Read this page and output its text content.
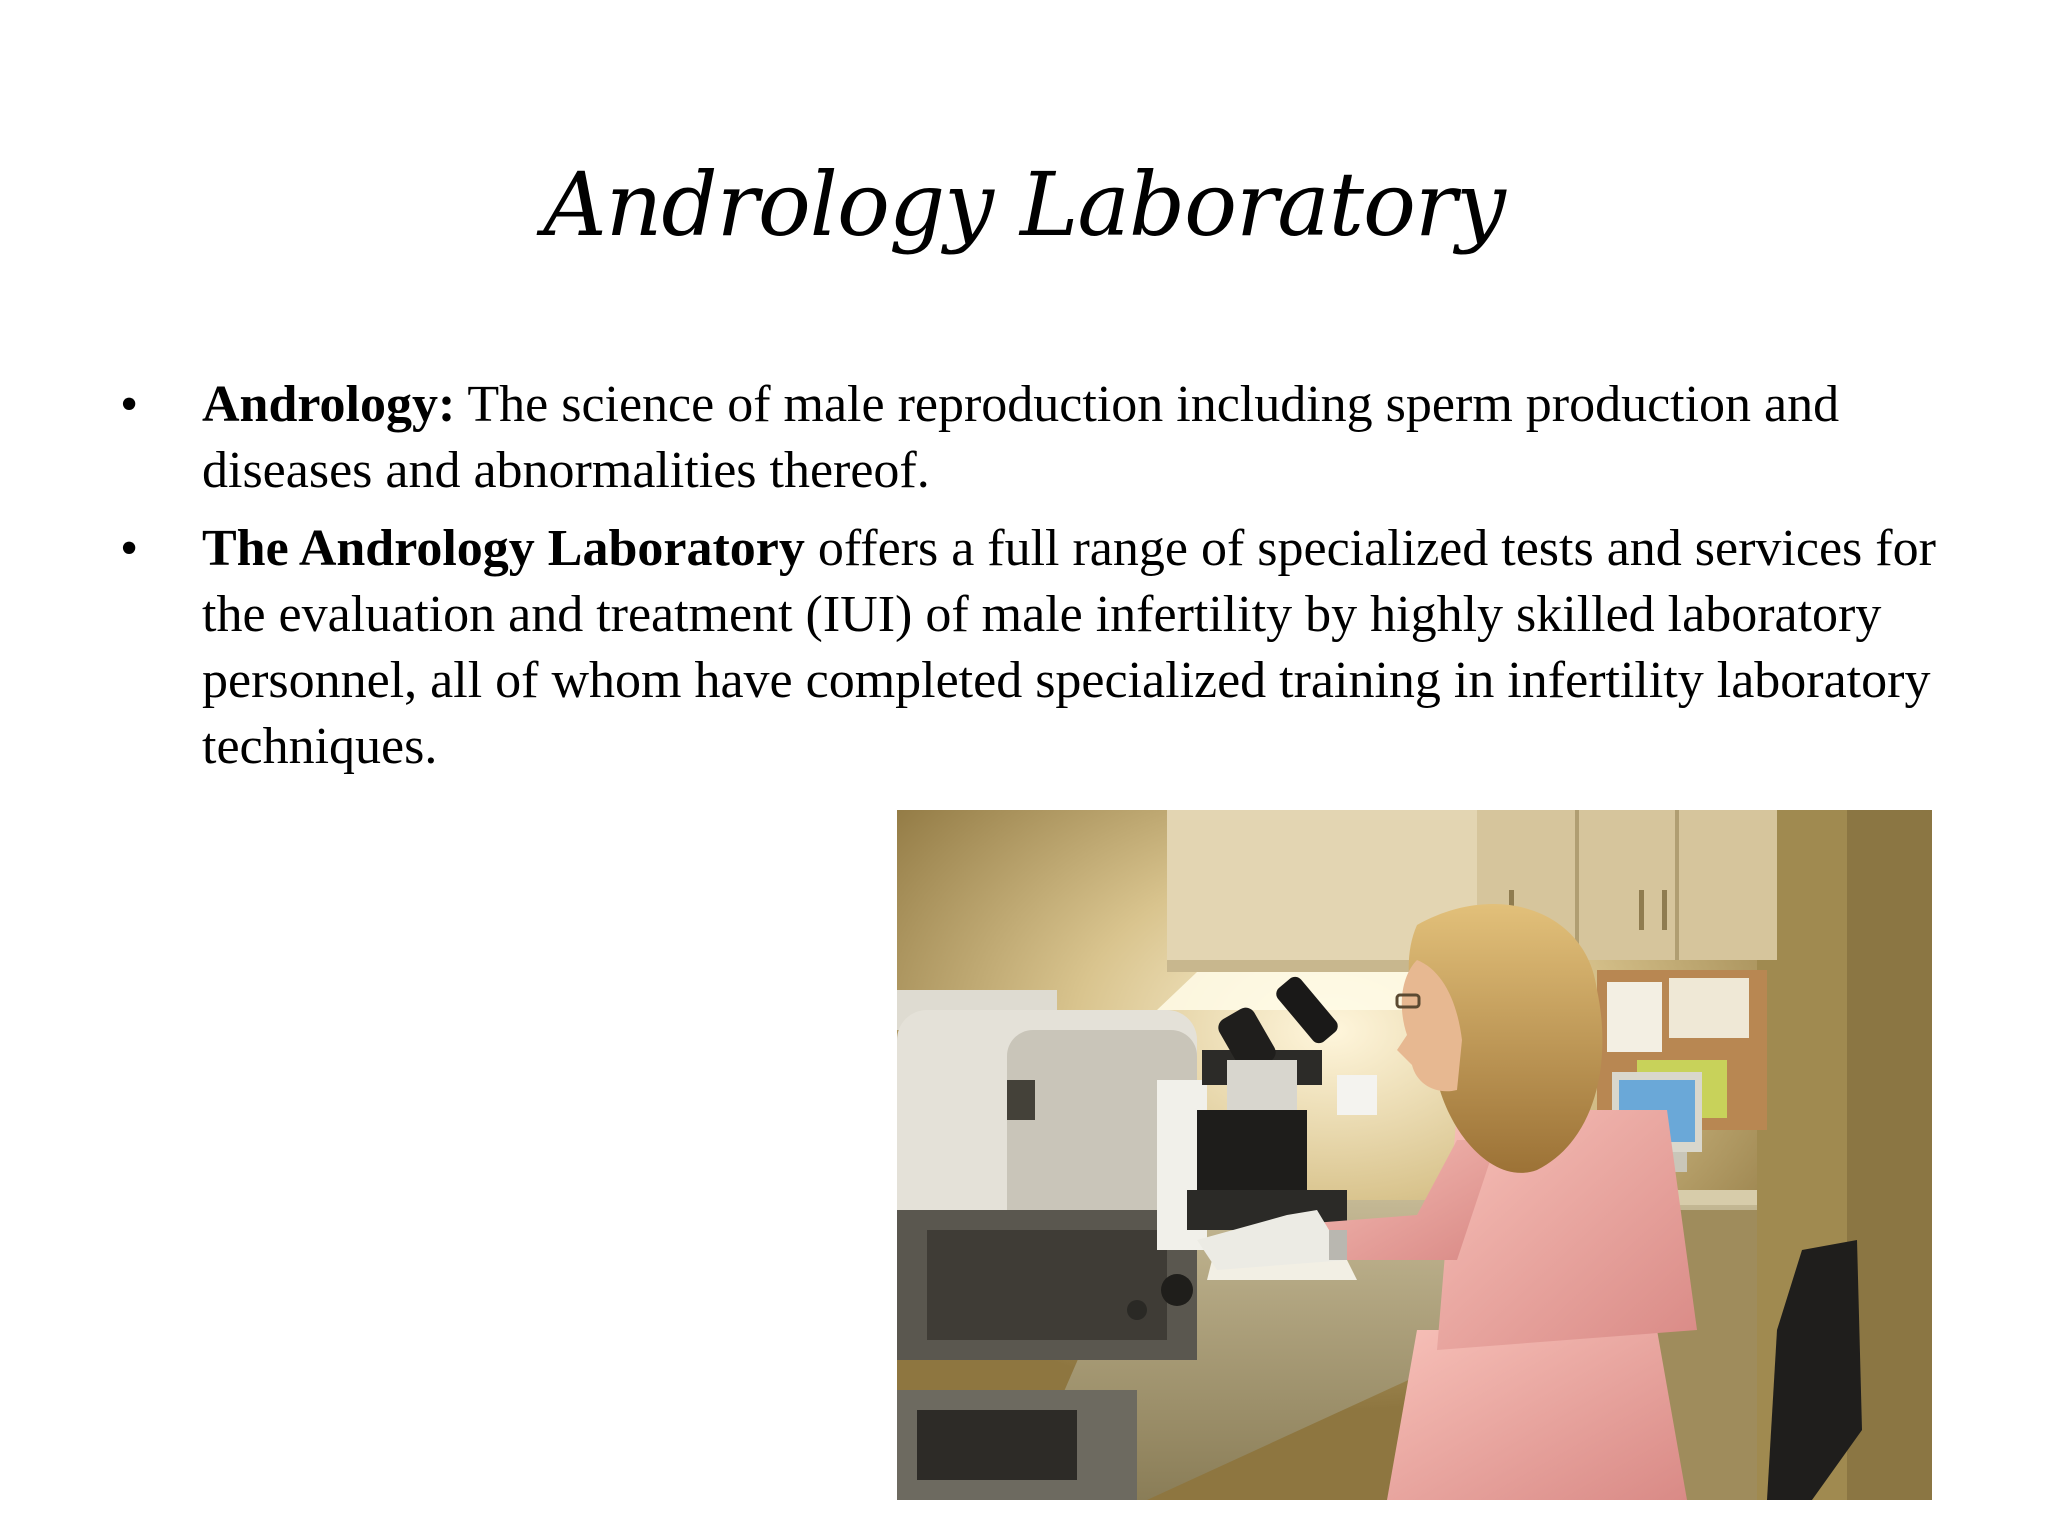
Andrology Laboratory
•	Andrology: The science of male reproduction including sperm production and diseases and abnormalities thereof.
•	The Andrology Laboratory offers a full range of specialized tests and services for the evaluation and treatment (IUI) of male infertility by highly skilled laboratory personnel, all of whom have completed specialized training in infertility laboratory techniques.
